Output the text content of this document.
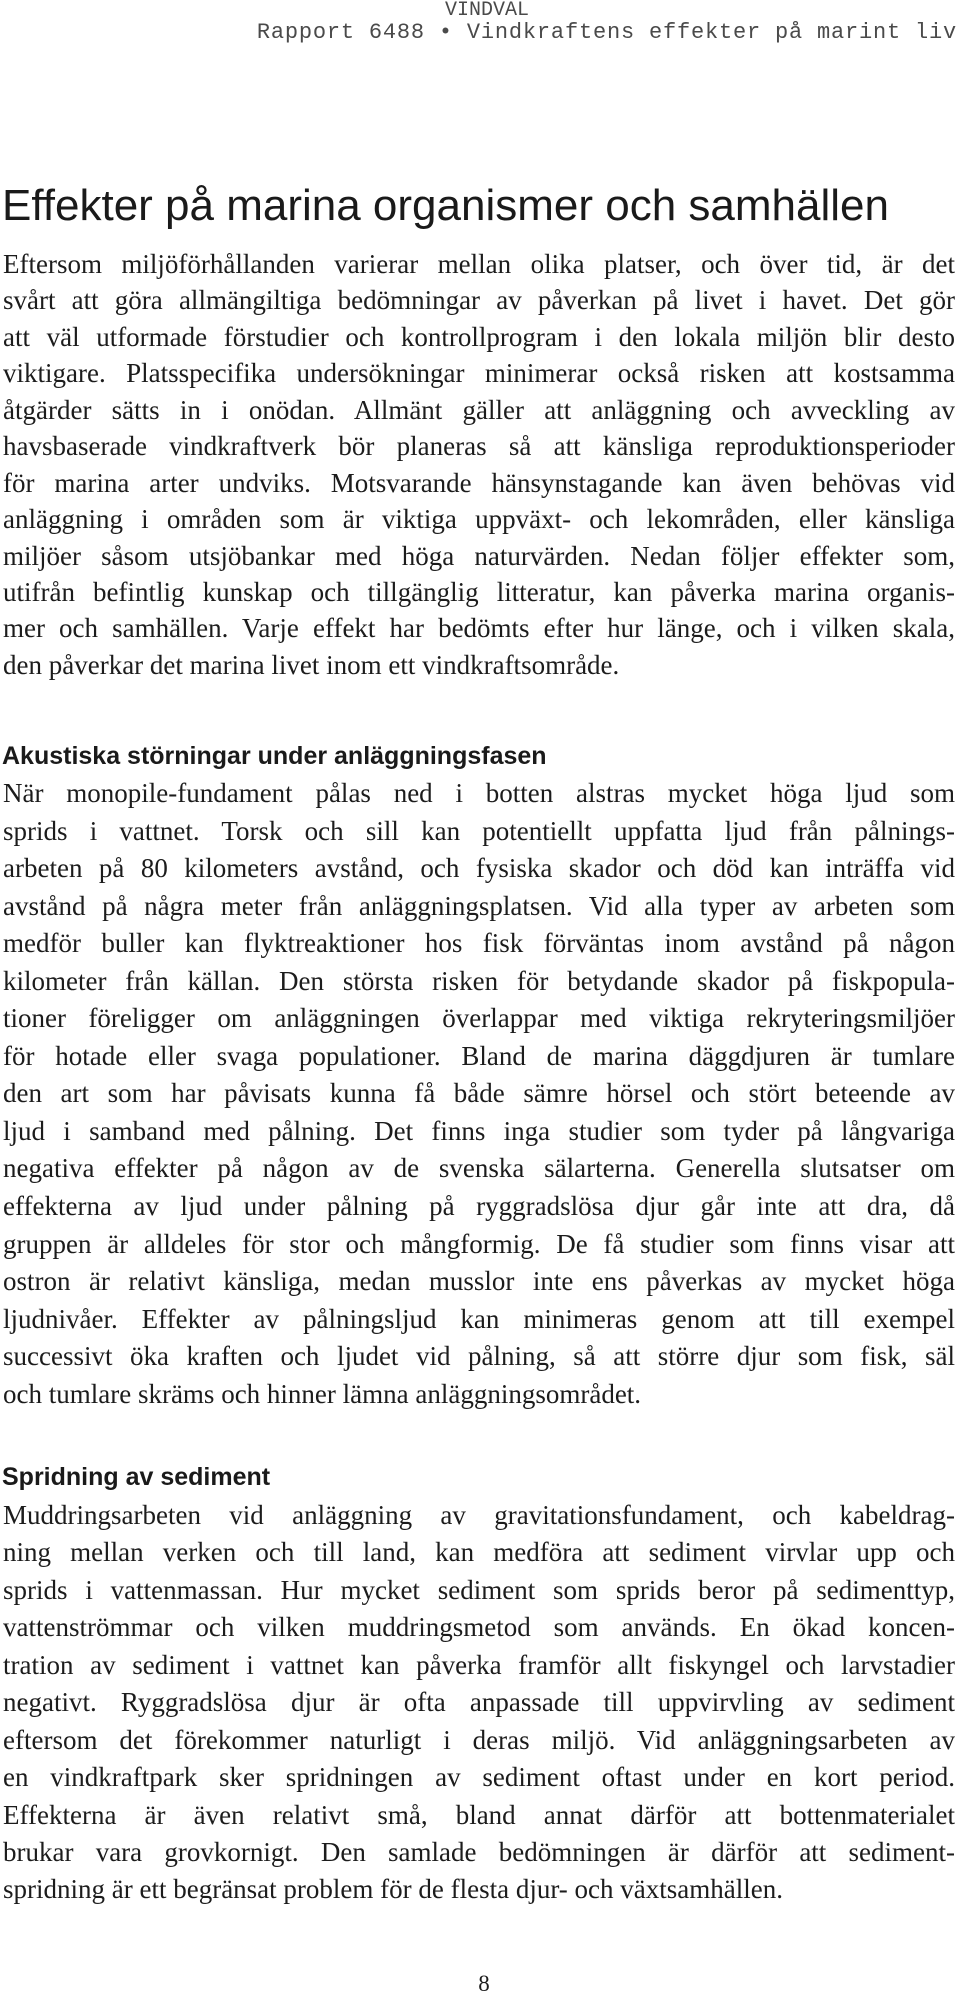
VINDVAL
Rapport 6488 • Vindkraftens effekter på marint liv
Effekter på marina organismer och samhällen
Eftersom miljöförhållanden varierar mellan olika platser, och över tid, är det
svårt att göra allmängiltiga bedömningar av påverkan på livet i havet. Det gör
att väl utformade förstudier och kontrollprogram i den lokala miljön blir desto
viktigare. Platsspecifika undersökningar minimerar också risken att kostsamma
åtgärder sätts in i onödan. Allmänt gäller att anläggning och avveckling av
havsbaserade vindkraftverk bör planeras så att känsliga reproduktionsperioder
för marina arter undviks. Motsvarande hänsynstagande kan även behövas vid
anläggning i områden som är viktiga uppväxt- och lekområden, eller känsliga
miljöer såsom utsjöbankar med höga naturvärden. Nedan följer effekter som,
utifrån befintlig kunskap och tillgänglig litteratur, kan påverka marina organis-
mer och samhällen. Varje effekt har bedömts efter hur länge, och i vilken skala,
den påverkar det marina livet inom ett vindkraftsområde.
Akustiska störningar under anläggningsfasen
När monopile-fundament pålas ned i botten alstras mycket höga ljud som
sprids i vattnet. Torsk och sill kan potentiellt uppfatta ljud från pålnings-
arbeten på 80 kilometers avstånd, och fysiska skador och död kan inträffa vid
avstånd på några meter från anläggningsplatsen. Vid alla typer av arbeten som
medför buller kan flyktreaktioner hos fisk förväntas inom avstånd på någon
kilometer från källan. Den största risken för betydande skador på fiskpopula-
tioner föreligger om anläggningen överlappar med viktiga rekryteringsmiljöer
för hotade eller svaga populationer. Bland de marina däggdjuren är tumlare
den art som har påvisats kunna få både sämre hörsel och stört beteende av
ljud i samband med pålning. Det finns inga studier som tyder på långvariga
negativa effekter på någon av de svenska sälarterna. Generella slutsatser om
effekterna av ljud under pålning på ryggradslösa djur går inte att dra, då
gruppen är alldeles för stor och mångformig. De få studier som finns visar att
ostron är relativt känsliga, medan musslor inte ens påverkas av mycket höga
ljudnivåer. Effekter av pålningsljud kan minimeras genom att till exempel
successivt öka kraften och ljudet vid pålning, så att större djur som fisk, säl
och tumlare skräms och hinner lämna anläggningsområdet.
Spridning av sediment
Muddringsarbeten vid anläggning av gravitationsfundament, och kabeldrag-
ning mellan verken och till land, kan medföra att sediment virvlar upp och
sprids i vattenmassan. Hur mycket sediment som sprids beror på sedimenttyp,
vattenströmmar och vilken muddringsmetod som används. En ökad koncen-
tration av sediment i vattnet kan påverka framför allt fiskyngel och larvstadier
negativt. Ryggradslösa djur är ofta anpassade till uppvirvling av sediment
eftersom det förekommer naturligt i deras miljö. Vid anläggningsarbeten av
en vindkraftpark sker spridningen av sediment oftast under en kort period.
Effekterna är även relativt små, bland annat därför att bottenmaterialet
brukar vara grovkornigt. Den samlade bedömningen är därför att sediment-
spridning är ett begränsat problem för de flesta djur- och växtsamhällen.
8
